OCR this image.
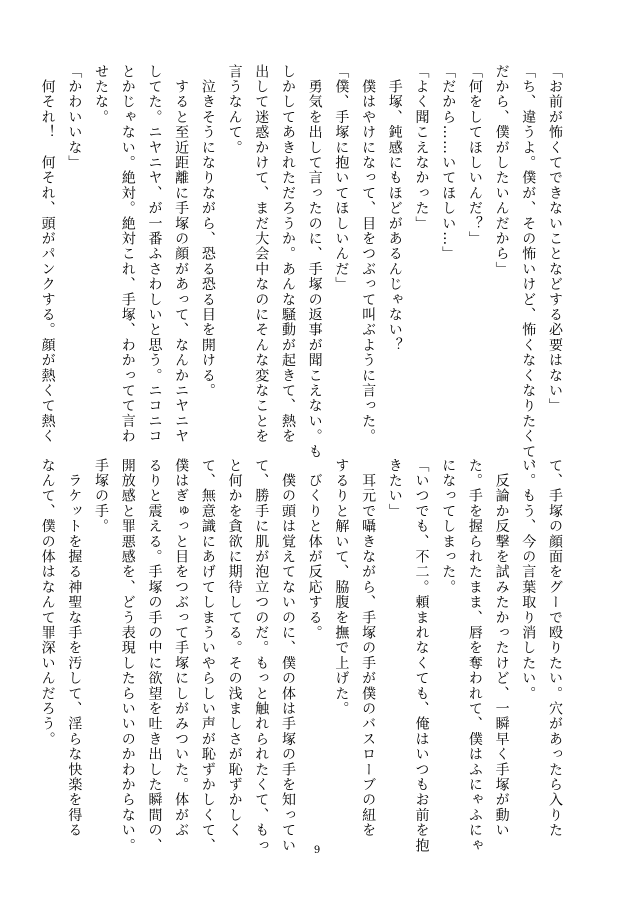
「お前が怖くてできないことなどする必要はない」
「ち、違うよ。僕が、その怖いけど、怖くなくなりたくて、
だから、僕がしたいんだから」
「何をしてほしいんだ？」
「だから……いてほしい…」
「よく聞こえなかった」
　手塚、鈍感にもほどがあるんじゃない？
　僕はやけになって、目をつぶって叫ぶように言った。
「僕、手塚に抱いてほしいんだ」
　勇気を出して言ったのに、手塚の返事が聞こえない。も
しかしてあきれただろうか。あんな騒動が起きて、熱を
出して迷惑かけて、まだ大会中なのにそんな変なことを
言うなんて。
　泣きそうになりながら、恐る恐る目を開ける。
　すると至近距離に手塚の顔があって、なんかニヤニヤ
してた。ニヤニヤ、が一番ふさわしいと思う。ニコニコ
とかじゃない。絶対。絶対これ、手塚、わかってて言わ
せたな。
「かわいいな」
　何それ！　何それ、頭がパンクする。顔が熱くて熱く
て、手塚の顔面をグーで殴りたい。穴があったら入りた
い。もう、今の言葉取り消したい。
　反論か反撃を試みたかったけど、一瞬早く手塚が動い
た。手を握られたまま、唇を奪われて、僕はふにゃふにゃ
になってしまった。
「いつでも、不二。頼まれなくても、俺はいつもお前を抱
きたい」
　耳元で囁きながら、手塚の手が僕のバスローブの紐を
するりと解いて、脇腹を撫で上げた。
　びくりと体が反応する。
　僕の頭は覚えてないのに、僕の体は手塚の手を知ってい
て、勝手に肌が泡立つのだ。もっと触れられたくて、もっ
と何かを貪欲に期待してる。その浅ましさが恥ずかしく
て、無意識にあげてしまういやらしい声が恥ずかしくて、
僕はぎゅっと目をつぶって手塚にしがみついた。体がぶ
るりと震える。手塚の手の中に欲望を吐き出した瞬間の、
開放感と罪悪感を、どう表現したらいいのかわからない。
手塚の手。
　ラケットを握る神聖な手を汚して、淫らな快楽を得る
なんて、僕の体はなんて罪深いんだろう。
9
